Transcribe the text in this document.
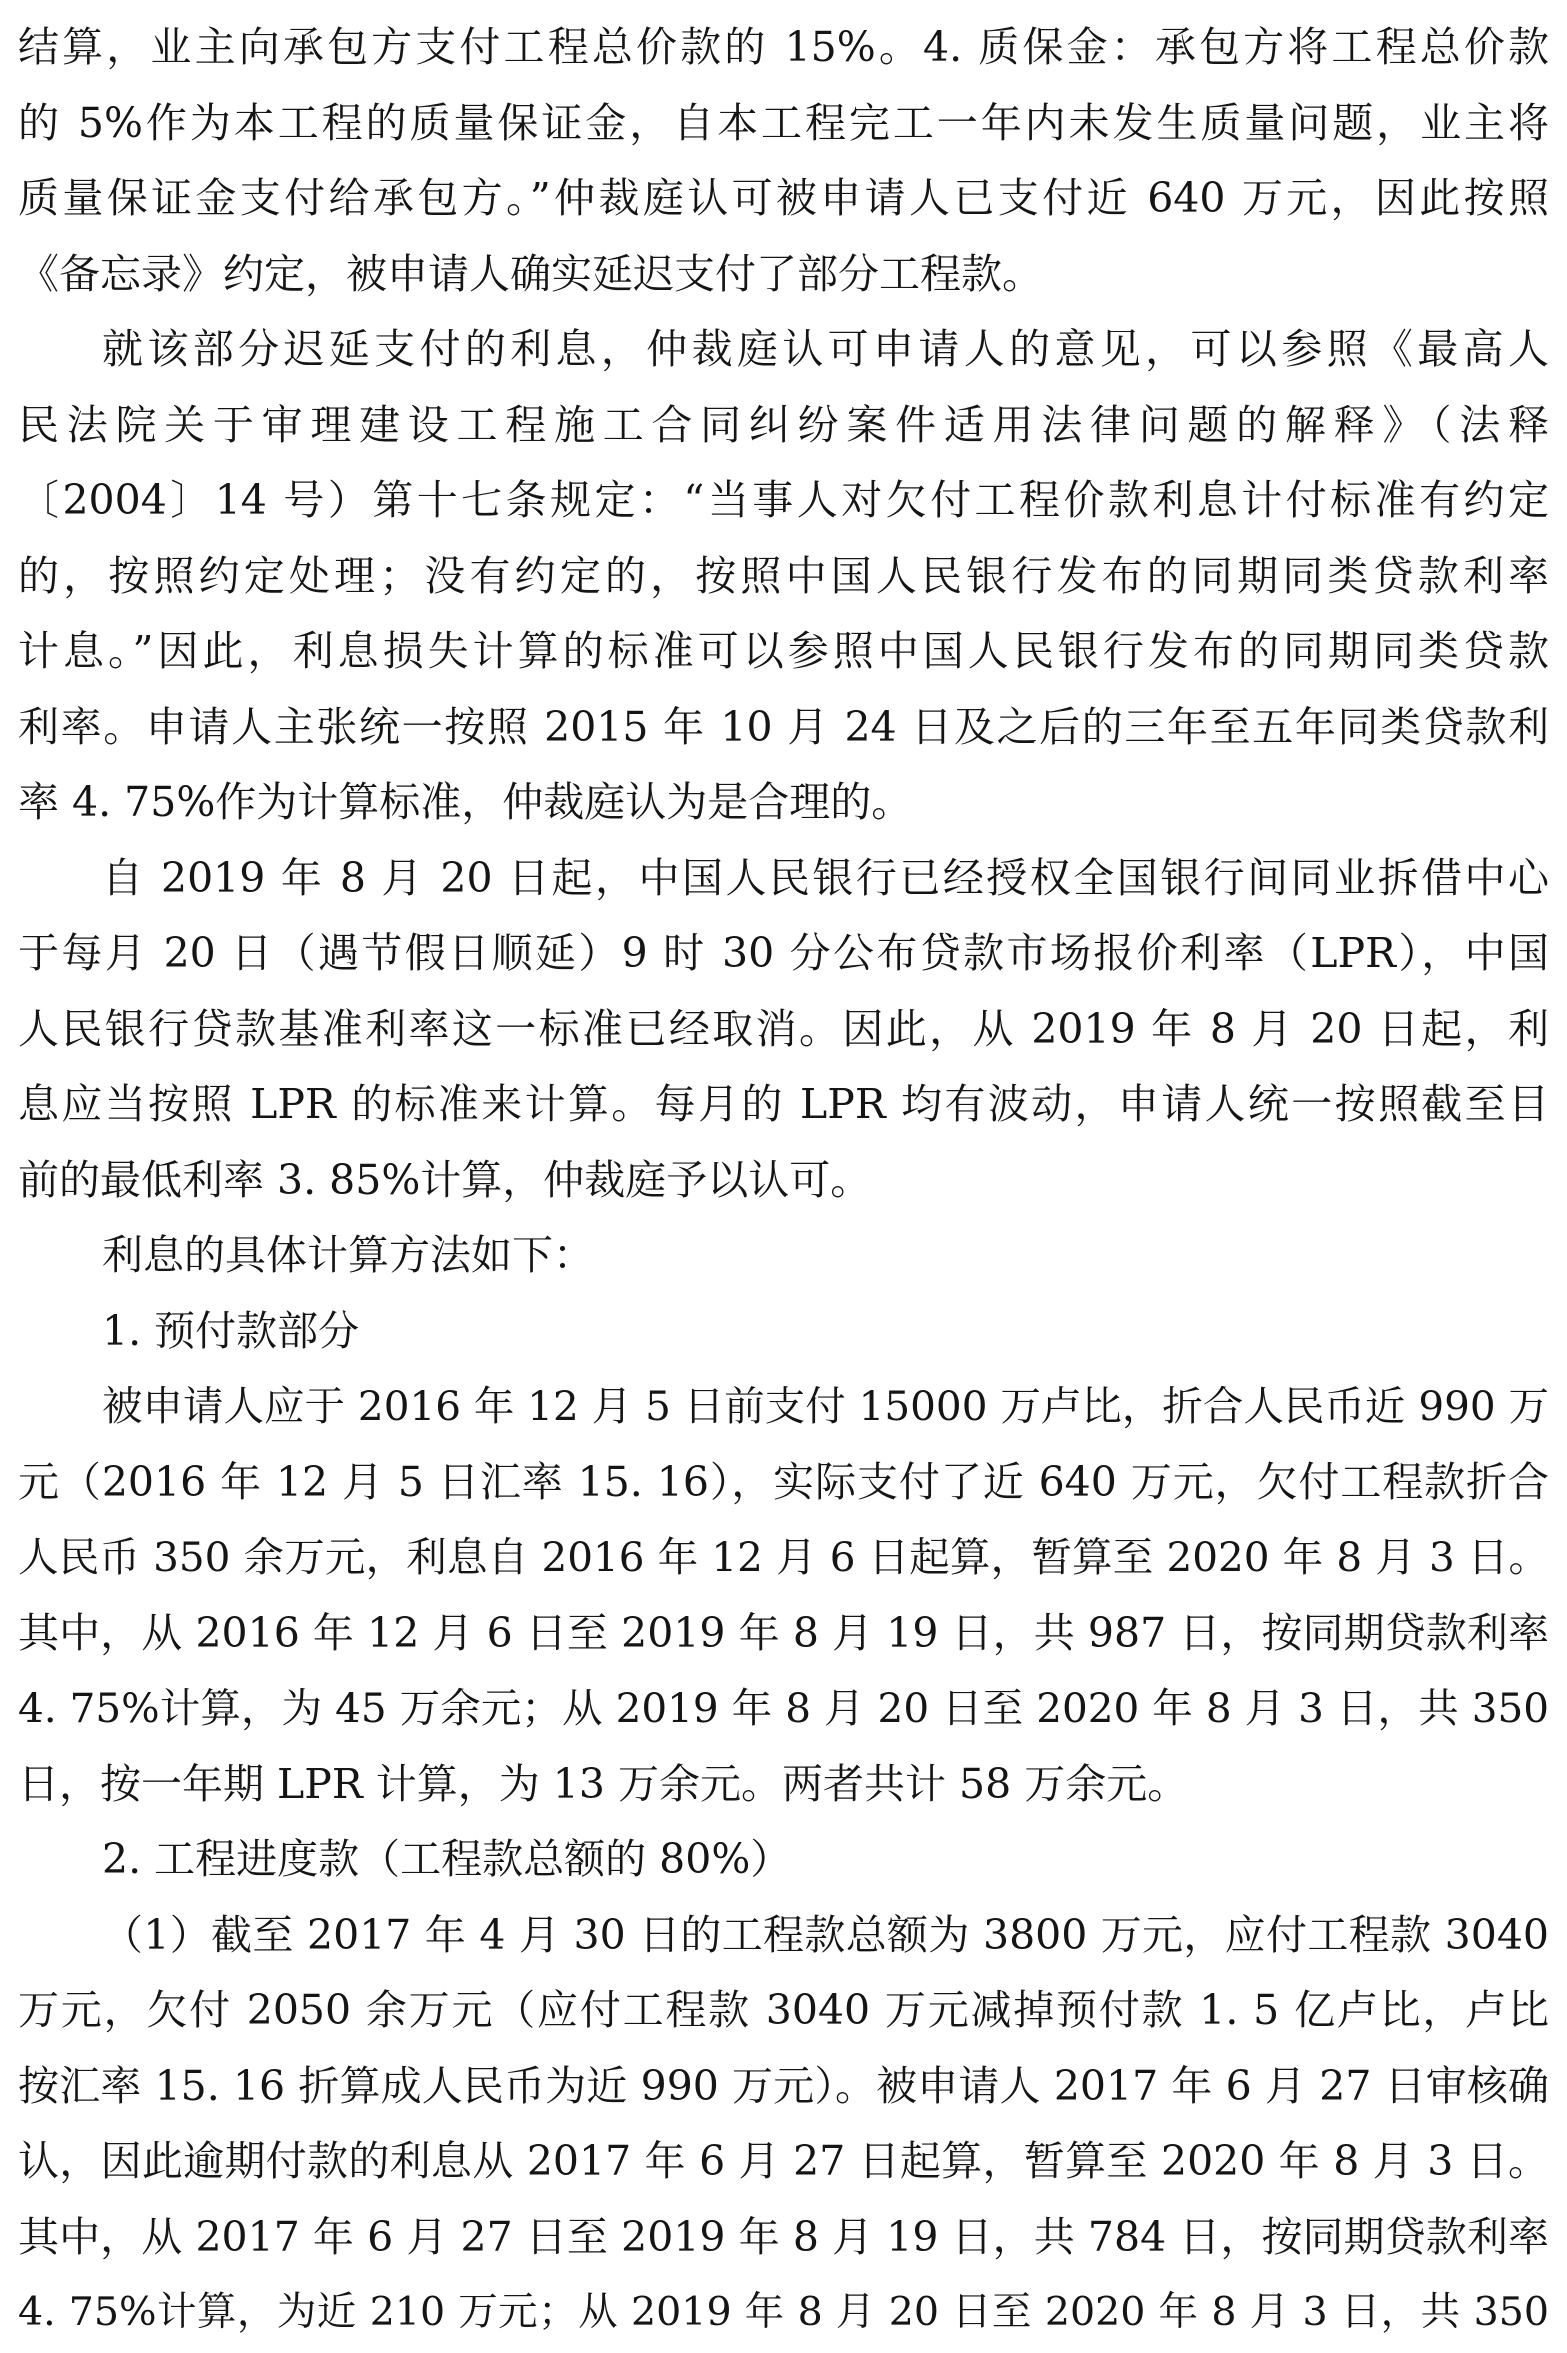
结算，业主向承包方支付工程总价款的 15%。4. 质保金：承包方将工程总价款
的 5%作为本工程的质量保证金，自本工程完工一年内未发生质量问题，业主将
质量保证金支付给承包方。”仲裁庭认可被申请人已支付近 640 万元，因此按照
《备忘录》约定，被申请人确实延迟支付了部分工程款。
就该部分迟延支付的利息，仲裁庭认可申请人的意见，可以参照《最高人
民法院关于审理建设工程施工合同纠纷案件适用法律问题的解释》（法释
〔2004〕14 号）第十七条规定：“当事人对欠付工程价款利息计付标准有约定
的，按照约定处理；没有约定的，按照中国人民银行发布的同期同类贷款利率
计息。”因此，利息损失计算的标准可以参照中国人民银行发布的同期同类贷款
利率。申请人主张统一按照 2015 年 10 月 24 日及之后的三年至五年同类贷款利
率 4. 75%作为计算标准，仲裁庭认为是合理的。
自 2019 年 8 月 20 日起，中国人民银行已经授权全国银行间同业拆借中心
于每月 20 日（遇节假日顺延）9 时 30 分公布贷款市场报价利率（LPR），中国
人民银行贷款基准利率这一标准已经取消。因此，从 2019 年 8 月 20 日起，利
息应当按照 LPR 的标准来计算。每月的 LPR 均有波动，申请人统一按照截至目
前的最低利率 3. 85%计算，仲裁庭予以认可。
利息的具体计算方法如下：
1. 预付款部分
被申请人应于 2016 年 12 月 5 日前支付 15000 万卢比，折合人民币近 990 万
元（2016 年 12 月 5 日汇率 15. 16），实际支付了近 640 万元，欠付工程款折合
人民币 350 余万元，利息自 2016 年 12 月 6 日起算，暂算至 2020 年 8 月 3 日。
其中，从 2016 年 12 月 6 日至 2019 年 8 月 19 日，共 987 日，按同期贷款利率
4. 75%计算，为 45 万余元；从 2019 年 8 月 20 日至 2020 年 8 月 3 日，共 350
日，按一年期 LPR 计算，为 13 万余元。两者共计 58 万余元。
2. 工程进度款（工程款总额的 80%）
（1）截至 2017 年 4 月 30 日的工程款总额为 3800 万元，应付工程款 3040
万元，欠付 2050 余万元（应付工程款 3040 万元减掉预付款 1. 5 亿卢比，卢比
按汇率 15. 16 折算成人民币为近 990 万元）。被申请人 2017 年 6 月 27 日审核确
认，因此逾期付款的利息从 2017 年 6 月 27 日起算，暂算至 2020 年 8 月 3 日。
其中，从 2017 年 6 月 27 日至 2019 年 8 月 19 日，共 784 日，按同期贷款利率
4. 75%计算，为近 210 万元；从 2019 年 8 月 20 日至 2020 年 8 月 3 日，共 350
